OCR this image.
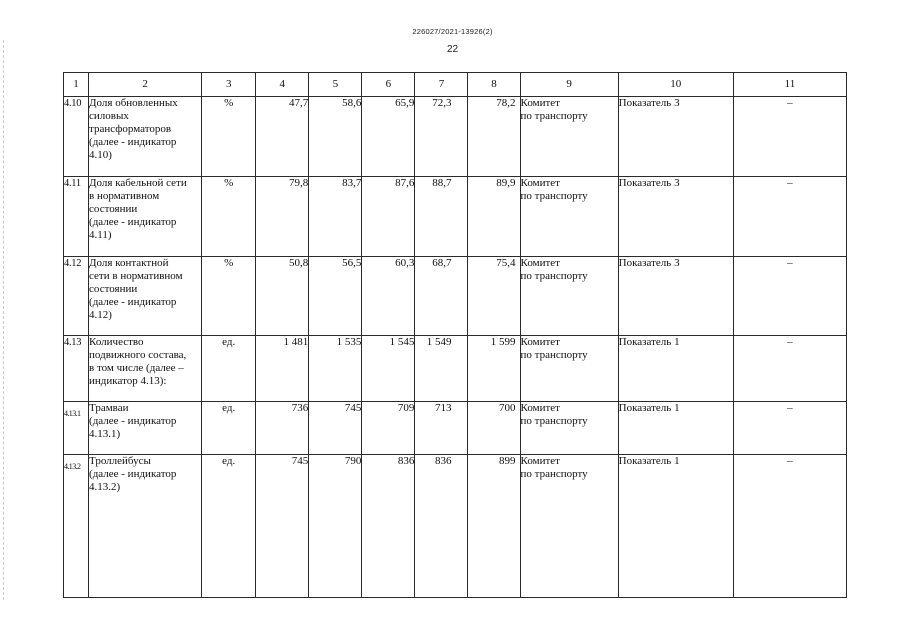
226027/2021-13926(2)
22
1	2	3	4	5	6	7	8	9	10	11
4.10	Доля обновленных
силовых
трансформаторов
(далее - индикатор
4.10)	%	47,7	58,6	65,9	72,3	78,2	Комитет
по транспорту	Показатель 3	–
4.11	Доля кабельной сети
в нормативном
состоянии
(далее - индикатор
4.11)	%	79,8	83,7	87,6	88,7	89,9	Комитет
по транспорту	Показатель 3	–
4.12	Доля контактной
сети в нормативном
состоянии
(далее - индикатор
4.12)	%	50,8	56,5	60,3	68,7	75,4	Комитет
по транспорту	Показатель 3	–
4.13	Количество
подвижного состава,
в том числе (далее –
индикатор 4.13):	ед.	1 481	1 535	1 545	1 549	1 599	Комитет
по транспорту	Показатель 1	–
4.13.1	Трамваи
(далее - индикатор
4.13.1)	ед.	736	745	709	713	700	Комитет
по транспорту	Показатель 1	–
4.13.2	Троллейбусы
(далее - индикатор
4.13.2)	ед.	745	790	836	836	899	Комитет
по транспорту	Показатель 1	–
